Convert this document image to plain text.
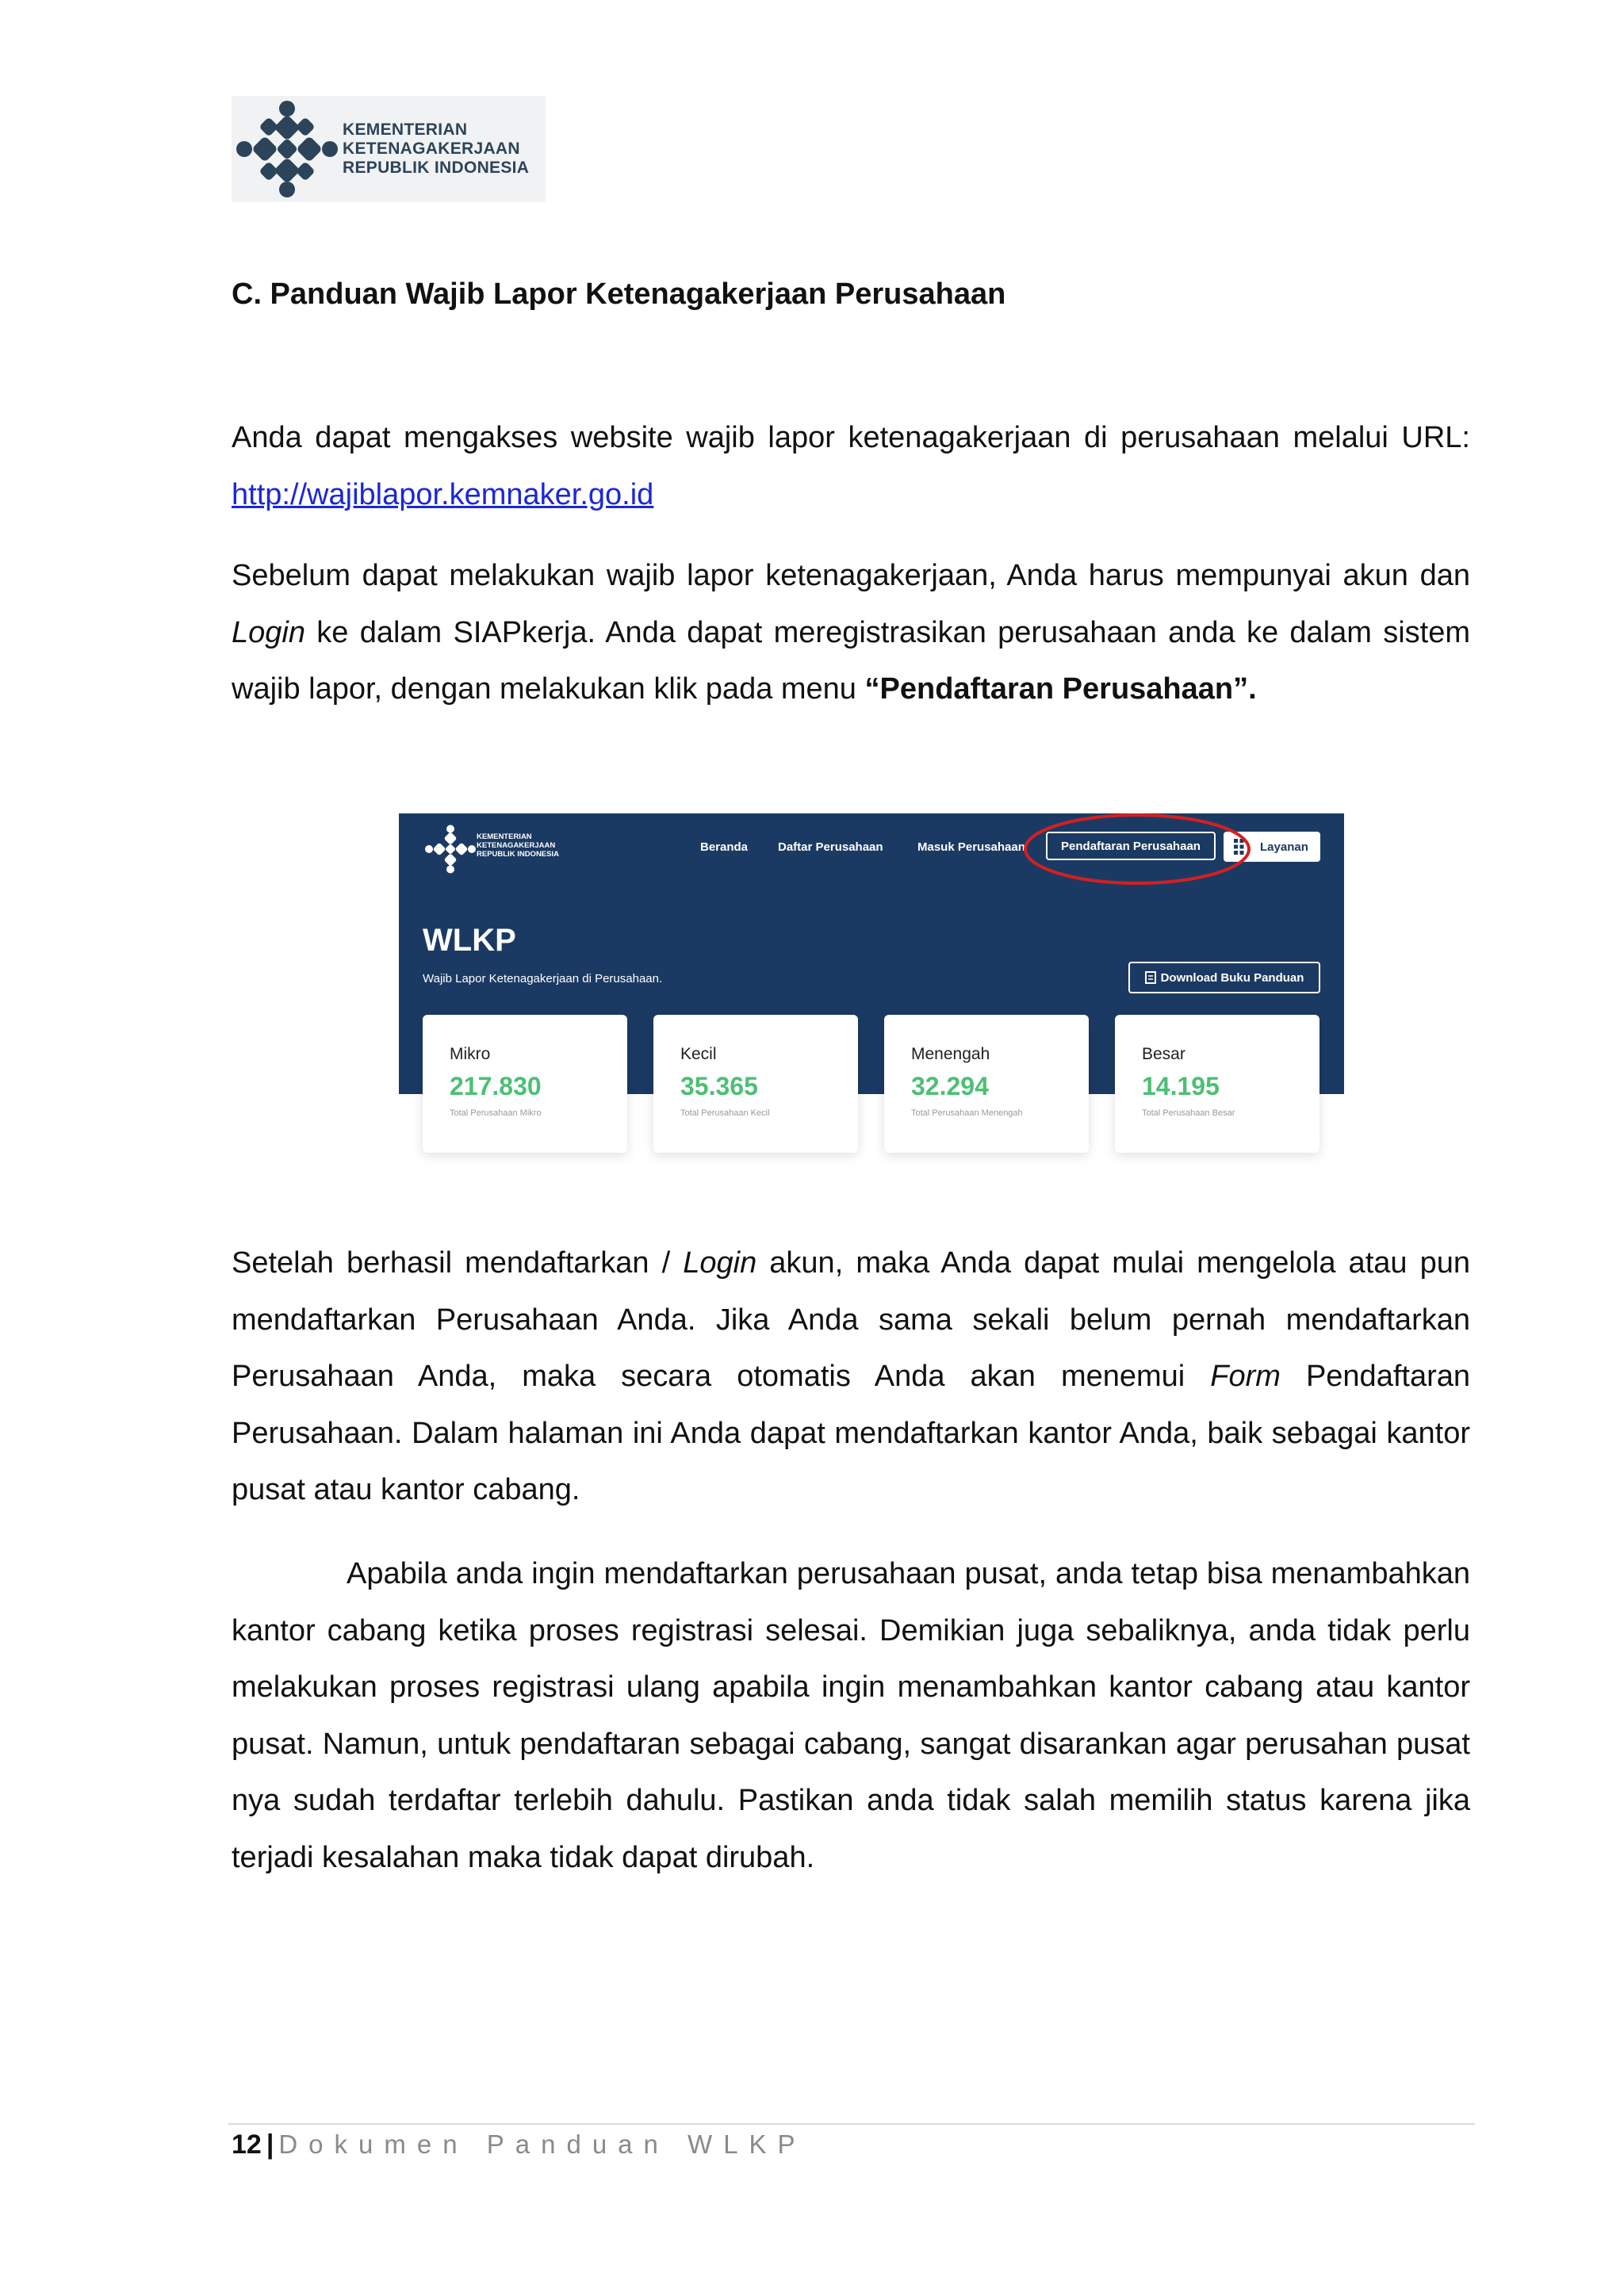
KEMENTERIAN
KETENAGAKERJAAN
REPUBLIK INDONESIA
C. Panduan Wajib Lapor Ketenagakerjaan Perusahaan
Anda dapat mengakses website wajib lapor ketenagakerjaan di perusahaan melalui URL: http://wajiblapor.kemnaker.go.id
Sebelum dapat melakukan wajib lapor ketenagakerjaan, Anda harus mempunyai akun dan Login ke dalam SIAPkerja. Anda dapat meregistrasikan perusahaan anda ke dalam sistem wajib lapor, dengan melakukan klik pada menu “Pendaftaran Perusahaan”.
KEMENTERIAN
KETENAGAKERJAAN
REPUBLIK INDONESIA
Beranda	Daftar Perusahaan	Masuk Perusahaan	Pendaftaran Perusahaan	Layanan
WLKP
Wajib Lapor Ketenagakerjaan di Perusahaan.	Download Buku Panduan
Mikro
217.830
Total Perusahaan Mikro
Kecil
35.365
Total Perusahaan Kecil
Menengah
32.294
Total Perusahaan Menengah
Besar
14.195
Total Perusahaan Besar
Setelah berhasil mendaftarkan / Login akun, maka Anda dapat mulai mengelola atau pun mendaftarkan Perusahaan Anda. Jika Anda sama sekali belum pernah mendaftarkan Perusahaan Anda, maka secara otomatis Anda akan menemui Form Pendaftaran Perusahaan. Dalam halaman ini Anda dapat mendaftarkan kantor Anda, baik sebagai kantor pusat atau kantor cabang.
Apabila anda ingin mendaftarkan perusahaan pusat, anda tetap bisa menambahkan kantor cabang ketika proses registrasi selesai. Demikian juga sebaliknya, anda tidak perlu melakukan proses registrasi ulang apabila ingin menambahkan kantor cabang atau kantor pusat. Namun, untuk pendaftaran sebagai cabang, sangat disarankan agar perusahan pusat nya sudah terdaftar terlebih dahulu. Pastikan anda tidak salah memilih status karena jika terjadi kesalahan maka tidak dapat dirubah.
12 | Dokumen Panduan WLKP
